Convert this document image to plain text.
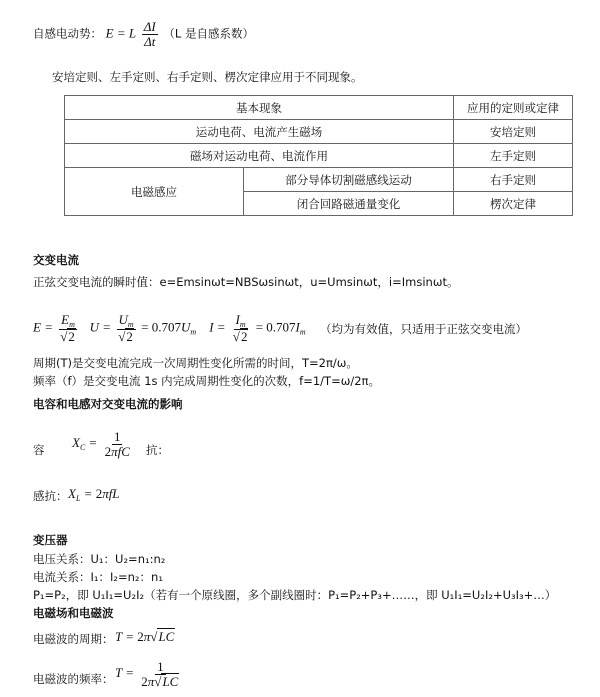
自感电动势： E = L $\frac{\Delta I}{\Delta t} (L$ 是自感系数）
安培定则、左手定则、右手定则、楞次定律应用于不同现象。
基本现象		应用的定则或定律
运动电荷、电流产生磁场		安培定则
磁场对运动电荷、电流作用		左手定则
电磁感应	部分导体切割磁感线运动	右手定则
	闭合回路磁通量变化	楞次定律
交变电流
正弦交变电流的瞬时值：e=Emsinωt=NBSωsinωt，u=Umsinωt，i=Imsinωt。
$E = \frac{E_m}{√2}$ $U = \frac{U_m}{√2} = 0.707U_m$    $I = \frac{I_m}{√2} = 0.707I_m$ （均为有效值，只适用于正弦交变电流）
周期(T)是交变电流完成一次周期性变化所需的时间，T=2π/ω。
频率（f）是交变电流 1s 内完成周期性变化的次数，f=1/T=ω/2π。
电容和电感对交变电流的影响
容 $X_C = \frac{1}{\text{2πfC}}$ 抗：
感抗： $X_L = 2\pi fL$
变压器
电压关系：U₁：U₂=n₁:n₂
电流关系：I₁：I₂=n₂：n₁
P₁=P₂，即 U₁I₁=U₂I₂（若有一个原线圈，多个副线圈时：P₁=P₂+P₃+……，即 U₁I₁=U₂I₂+U₃I₃+…）
电磁场和电磁波
电磁波的周期： T = 2π√LC
电磁波的频率： $T = \frac{1}{2\pi√LC}$
